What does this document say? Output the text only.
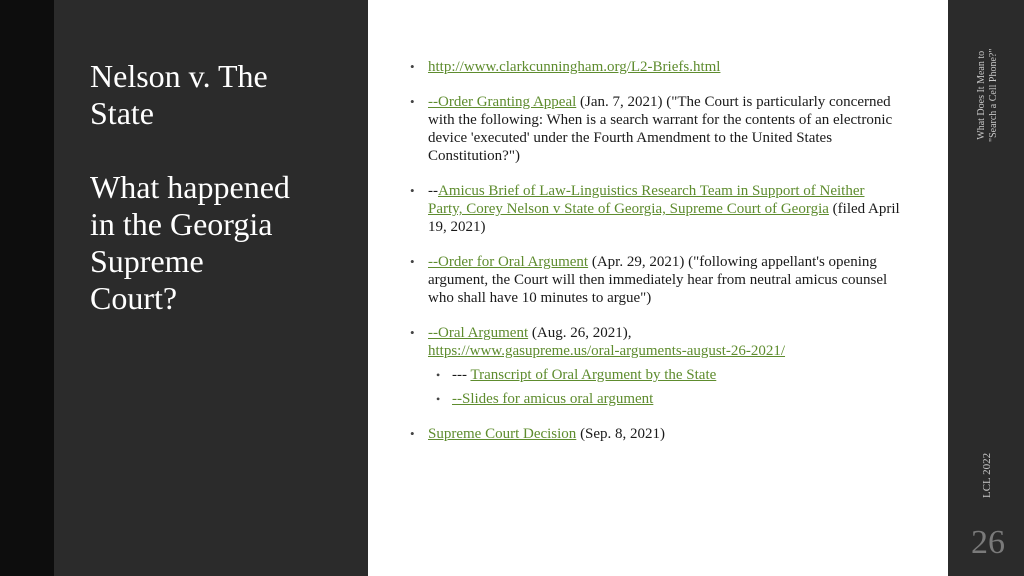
Nelson v. The
State
What happened
in the Georgia
Supreme
Court?
• http://www.clarkcunningham.org/L2-Briefs.html
• --Order Granting Appeal (Jan. 7, 2021) ("The Court is particularly concerned with the following: When is a search warrant for the contents of an electronic device 'executed' under the Fourth Amendment to the United States Constitution?")
• --Amicus Brief of Law-Linguistics Research Team in Support of Neither Party, Corey Nelson v State of Georgia, Supreme Court of Georgia (filed April 19, 2021)
• --Order for Oral Argument (Apr. 29, 2021) ("following appellant's opening argument, the Court will then immediately hear from neutral amicus counsel who shall have 10 minutes to argue")
• --Oral Argument (Aug. 26, 2021),
https://www.gasupreme.us/oral-arguments-august-26-2021/
• --- Transcript of Oral Argument by the State
• --Slides for amicus oral argument
• Supreme Court Decision (Sep. 8, 2021)
What Does It Mean to "Search a Cell Phone?"
LCL 2022
26
